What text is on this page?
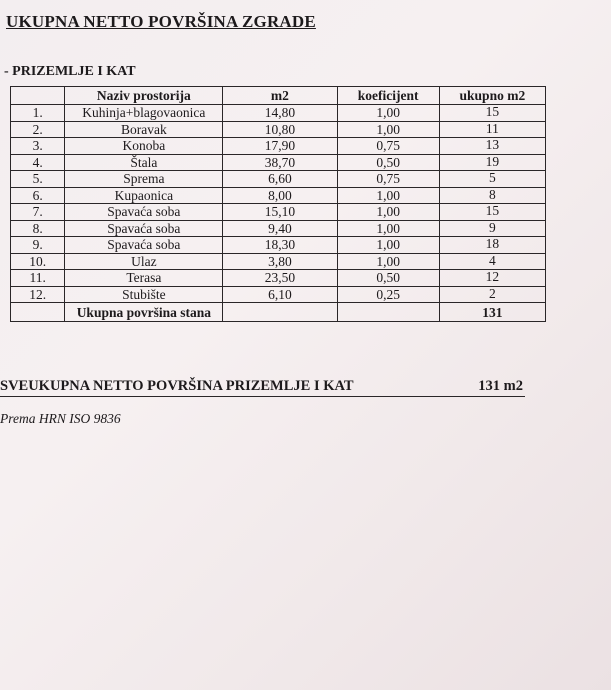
UKUPNA NETTO POVRŠINA ZGRADE
- PRIZEMLJE I KAT
	Naziv prostorija	m2	koeficijent	ukupno m2
1.	Kuhinja+blagovaonica	14,80	1,00	15
2.	Boravak	10,80	1,00	11
3.	Konoba	17,90	0,75	13
4.	Štala	38,70	0,50	19
5.	Sprema	6,60	0,75	5
6.	Kupaonica	8,00	1,00	8
7.	Spavaća soba	15,10	1,00	15
8.	Spavaća soba	9,40	1,00	9
9.	Spavaća soba	18,30	1,00	18
10.	Ulaz	3,80	1,00	4
11.	Terasa	23,50	0,50	12
12.	Stubište	6,10	0,25	2
	Ukupna površina stana			131
SVEUKUPNA NETTO POVRŠINA PRIZEMLJE I KAT	131 m2
Prema HRN ISO 9836
